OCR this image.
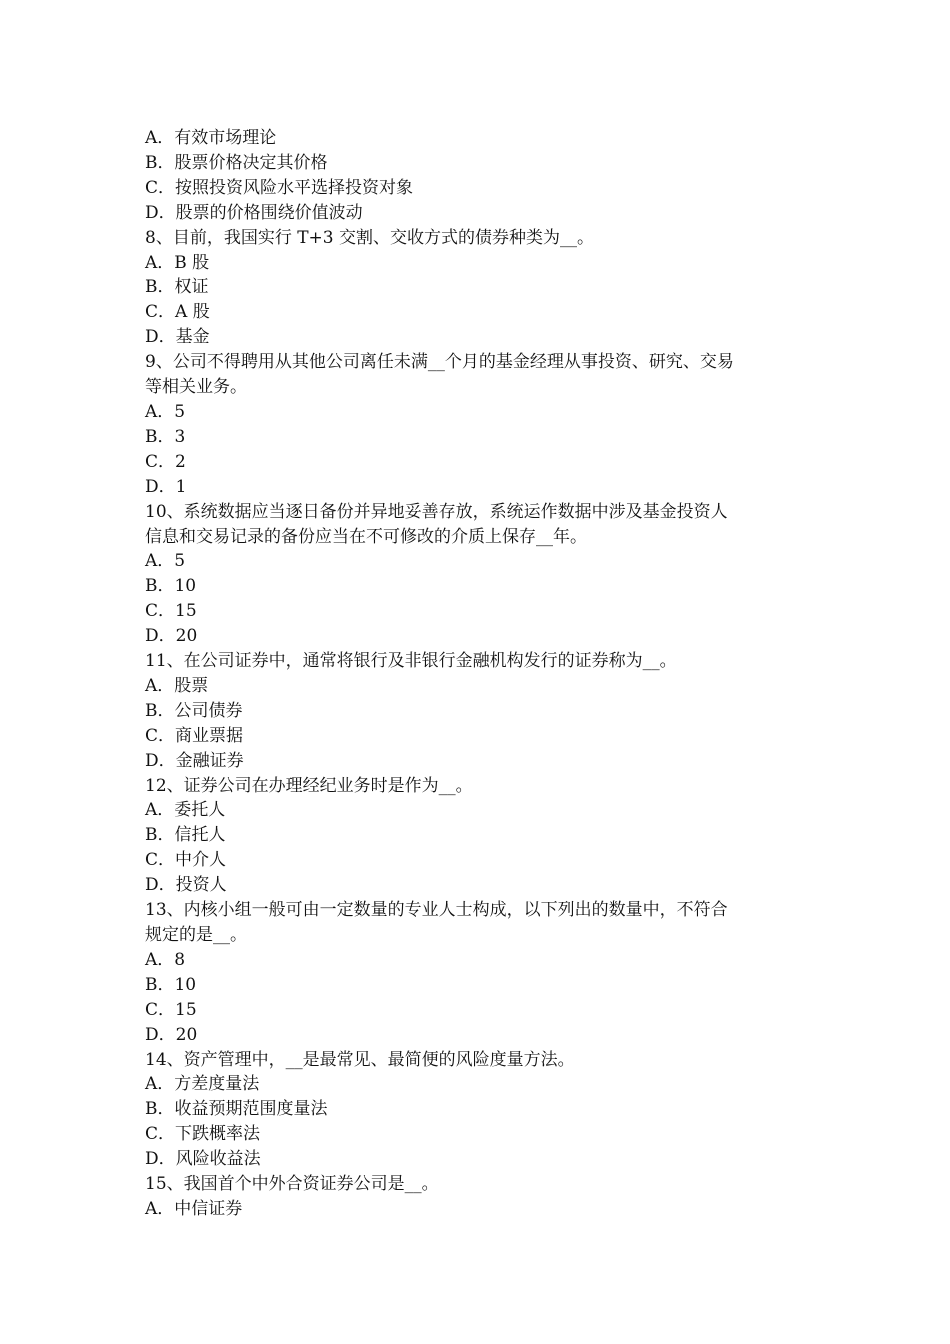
A．有效市场理论

B．股票价格决定其价格

C．按照投资风险水平选择投资对象

D．股票的价格围绕价值波动

8、目前，我国实行 T+3 交割、交收方式的债券种类为__。

A．B 股

B．权证

C．A 股

D．基金

9、公司不得聘用从其他公司离任未满__个月的基金经理从事投资、研究、交易

等相关业务。

A．5

B．3

C．2

D．1

10、系统数据应当逐日备份并异地妥善存放，系统运作数据中涉及基金投资人

信息和交易记录的备份应当在不可修改的介质上保存__年。

A．5

B．10

C．15

D．20

11、在公司证券中，通常将银行及非银行金融机构发行的证券称为__。

A．股票

B．公司债券

C．商业票据

D．金融证券

12、证券公司在办理经纪业务时是作为__。

A．委托人

B．信托人

C．中介人

D．投资人

13、内核小组一般可由一定数量的专业人士构成，以下列出的数量中，不符合

规定的是__。

A．8

B．10

C．15

D．20

14、资产管理中，__是最常见、最简便的风险度量方法。

A．方差度量法

B．收益预期范围度量法

C．下跌概率法

D．风险收益法

15、我国首个中外合资证券公司是__。

A．中信证券
